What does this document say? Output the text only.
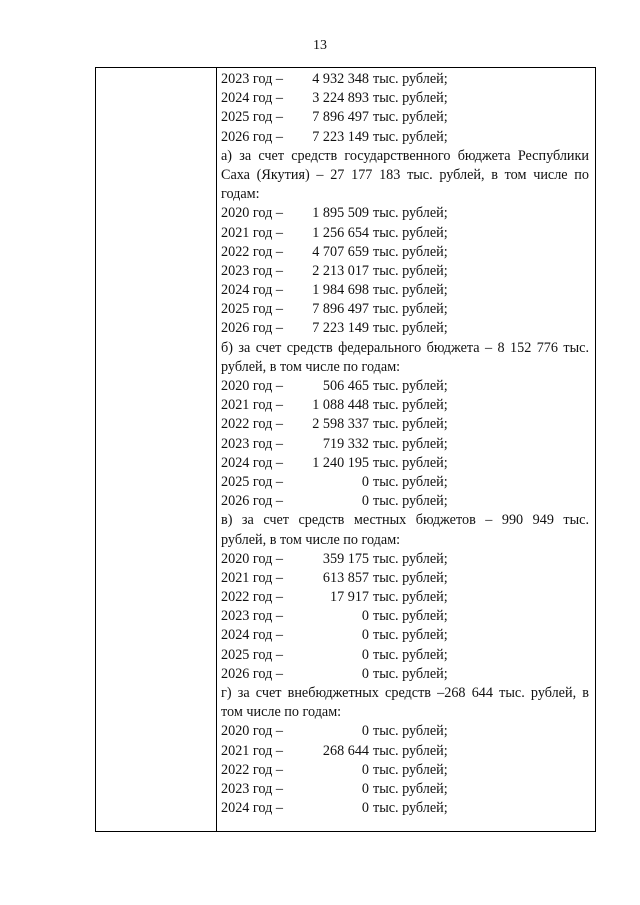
13
2023 год – 4 932 348 тыс. рублей;
2024 год – 3 224 893 тыс. рублей;
2025 год – 7 896 497 тыс. рублей;
2026 год – 7 223 149 тыс. рублей;
а) за счет средств государственного бюджета Республики
Саха (Якутия) – 27 177 183 тыс. рублей, в том числе по
годам:
2020 год – 1 895 509 тыс. рублей;
2021 год – 1 256 654 тыс. рублей;
2022 год – 4 707 659 тыс. рублей;
2023 год – 2 213 017 тыс. рублей;
2024 год – 1 984 698 тыс. рублей;
2025 год – 7 896 497 тыс. рублей;
2026 год – 7 223 149 тыс. рублей;
б) за счет средств федерального бюджета – 8 152 776 тыс.
рублей, в том числе по годам:
2020 год –	506 465 тыс. рублей;
2021 год – 1 088 448 тыс. рублей;
2022 год – 2 598 337 тыс. рублей;
2023 год –	719 332 тыс. рублей;
2024 год – 1 240 195 тыс. рублей;
2025 год –	0 тыс. рублей;
2026 год –	0 тыс. рублей;
в) за счет средств местных бюджетов – 990 949 тыс.
рублей, в том числе по годам:
2020 год –	359 175 тыс. рублей;
2021 год –	613 857 тыс. рублей;
2022 год –	17 917 тыс. рублей;
2023 год –	0 тыс. рублей;
2024 год –	0 тыс. рублей;
2025 год –	0 тыс. рублей;
2026 год –	0 тыс. рублей;
г) за счет внебюджетных средств –268 644 тыс. рублей, в
том числе по годам:
2020 год –	0 тыс. рублей;
2021 год –	268 644 тыс. рублей;
2022 год –	0 тыс. рублей;
2023 год –	0 тыс. рублей;
2024 год –	0 тыс. рублей;
